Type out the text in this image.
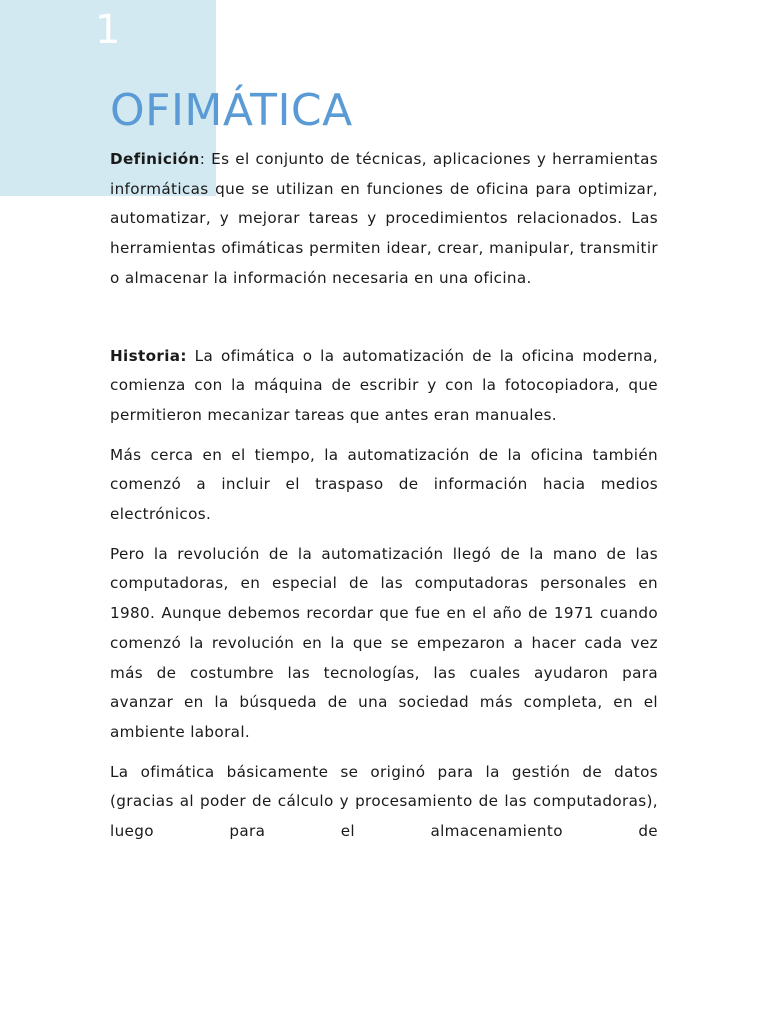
1
OFIMÁTICA

Definición: Es el conjunto de técnicas, aplicaciones y herramientas informáticas que se utilizan en funciones de oficina para optimizar, automatizar, y mejorar tareas y procedimientos relacionados. Las herramientas ofimáticas permiten idear, crear, manipular, transmitir o almacenar la información necesaria en una oficina.

Historia: La ofimática o la automatización de la oficina moderna, comienza con la máquina de escribir y con la fotocopiadora, que permitieron mecanizar tareas que antes eran manuales.

Más cerca en el tiempo, la automatización de la oficina también comenzó a incluir el traspaso de información hacia medios electrónicos.

Pero la revolución de la automatización llegó de la mano de las computadoras, en especial de las computadoras personales en 1980. Aunque debemos recordar que fue en el año de 1971 cuando comenzó la revolución en la que se empezaron a hacer cada vez más de costumbre las tecnologías, las cuales ayudaron para avanzar en la búsqueda de una sociedad más completa, en el ambiente laboral.

La ofimática básicamente se originó para la gestión de datos (gracias al poder de cálculo y procesamiento de las computadoras), luego para el almacenamiento de
